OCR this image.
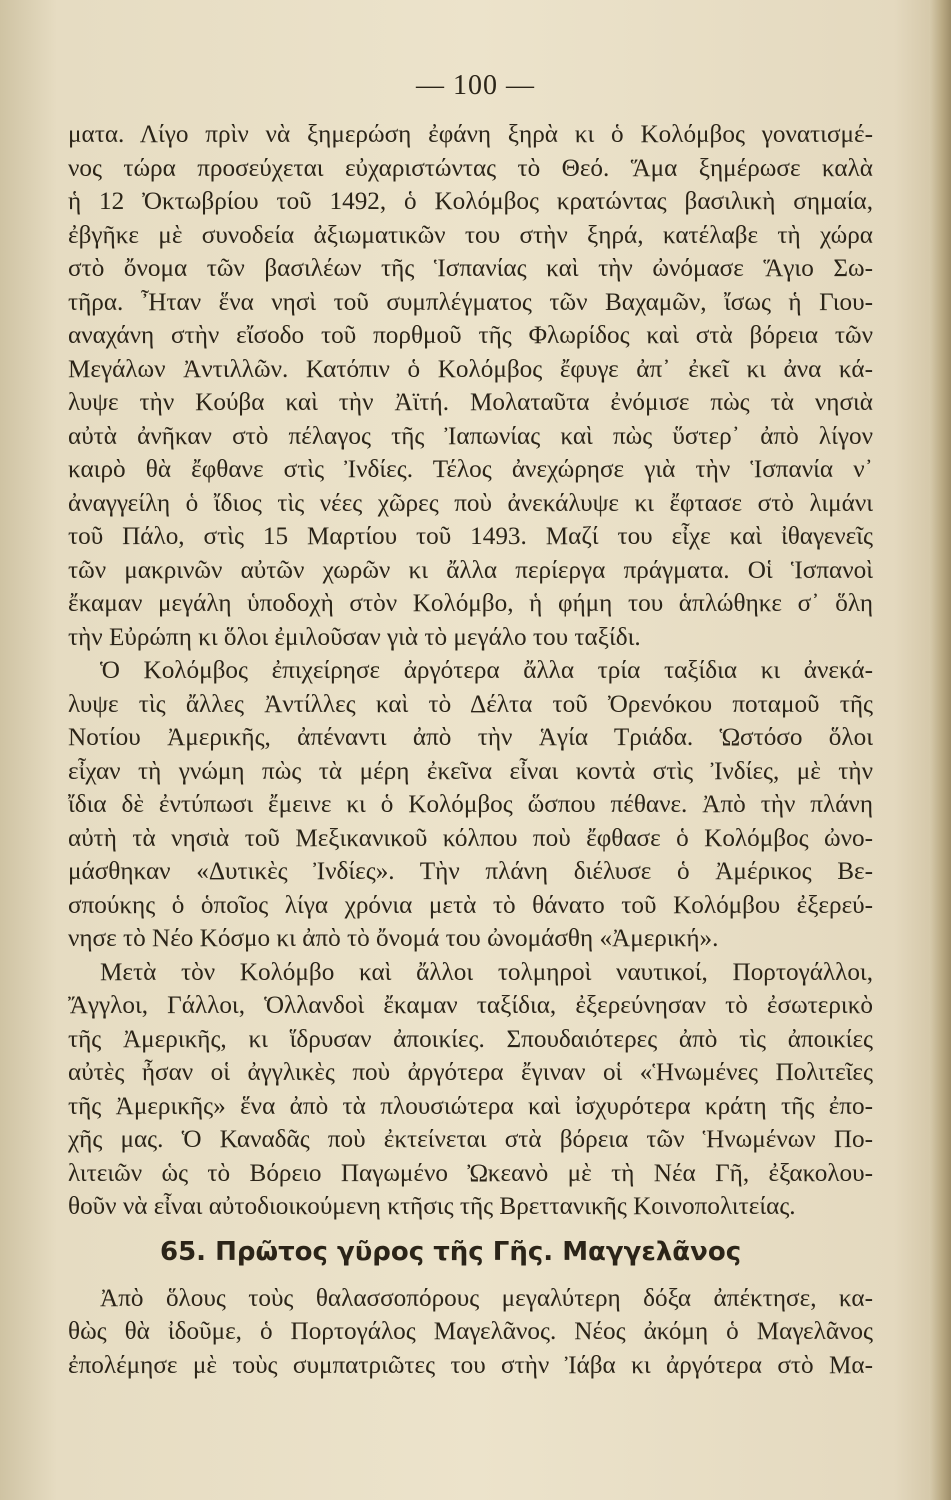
— 100 —
ματα. Λίγο πρὶν νὰ ξημερώση ἐφάνη ξηρὰ κι ὁ Κολόμβος γονατισμέ-
νος τώρα προσεύχεται εὐχαριστώντας τὸ Θεό. Ἅμα ξημέρωσε καλὰ
ἡ 12 Ὀκτωβρίου τοῦ 1492, ὁ Κολόμβος κρατώντας βασιλικὴ σημαία,
ἐβγῆκε μὲ συνοδεία ἀξιωματικῶν του στὴν ξηρά, κατέλαβε τὴ χώρα
στὸ ὄνομα τῶν βασιλέων τῆς Ἱσπανίας καὶ τὴν ὠνόμασε Ἅγιο Σω-
τῆρα. Ἦταν ἕνα νησὶ τοῦ συμπλέγματος τῶν Βαχαμῶν, ἴσως ἡ Γιου-
αναχάνη στὴν εἴσοδο τοῦ πορθμοῦ τῆς Φλωρίδος καὶ στὰ βόρεια τῶν
Μεγάλων Ἀντιλλῶν. Κατόπιν ὁ Κολόμβος ἔφυγε ἀπ᾽ ἐκεῖ κι ἀνα κά-
λυψε τὴν Κούβα καὶ τὴν Ἀϊτή. Μολαταῦτα ἐνόμισε πὼς τὰ νησιὰ
αὐτὰ ἀνῆκαν στὸ πέλαγος τῆς Ἰαπωνίας καὶ πὼς ὕστερ᾽ ἀπὸ λίγον
καιρὸ θὰ ἔφθανε στὶς Ἰνδίες. Τέλος ἀνεχώρησε γιὰ τὴν Ἱσπανία ν᾽
ἀναγγείλη ὁ ἴδιος τὶς νέες χῶρες ποὺ ἀνεκάλυψε κι ἔφτασε στὸ λιμάνι
τοῦ Πάλο, στὶς 15 Μαρτίου τοῦ 1493. Μαζί του εἶχε καὶ ἰθαγενεῖς
τῶν μακρινῶν αὐτῶν χωρῶν κι ἄλλα περίεργα πράγματα. Οἱ Ἱσπανοὶ
ἔκαμαν μεγάλη ὑποδοχὴ στὸν Κολόμβο, ἡ φήμη του ἁπλώθηκε σ᾽ ὅλη
τὴν Εὐρώπη κι ὅλοι ἐμιλοῦσαν γιὰ τὸ μεγάλο του ταξίδι.
Ὁ Κολόμβος ἐπιχείρησε ἀργότερα ἄλλα τρία ταξίδια κι ἀνεκά-
λυψε τὶς ἄλλες Ἀντίλλες καὶ τὸ Δέλτα τοῦ Ὀρενόκου ποταμοῦ τῆς
Νοτίου Ἀμερικῆς, ἀπέναντι ἀπὸ τὴν Ἁγία Τριάδα. Ὡστόσο ὅλοι
εἶχαν τὴ γνώμη πὼς τὰ μέρη ἐκεῖνα εἶναι κοντὰ στὶς Ἰνδίες, μὲ τὴν
ἴδια δὲ ἐντύπωσι ἔμεινε κι ὁ Κολόμβος ὥσπου πέθανε. Ἀπὸ τὴν πλάνη
αὐτὴ τὰ νησιὰ τοῦ Μεξικανικοῦ κόλπου ποὺ ἔφθασε ὁ Κολόμβος ὠνο-
μάσθηκαν «Δυτικὲς Ἰνδίες». Τὴν πλάνη διέλυσε ὁ Ἀμέρικος Βε-
σπούκης ὁ ὁποῖος λίγα χρόνια μετὰ τὸ θάνατο τοῦ Κολόμβου ἐξερεύ-
νησε τὸ Νέο Κόσμο κι ἀπὸ τὸ ὄνομά του ὠνομάσθη «Ἀμερική».
Μετὰ τὸν Κολόμβο καὶ ἄλλοι τολμηροὶ ναυτικοί, Πορτογάλλοι,
Ἄγγλοι, Γάλλοι, Ὁλλανδοὶ ἔκαμαν ταξίδια, ἐξερεύνησαν τὸ ἐσωτερικὸ
τῆς Ἀμερικῆς, κι ἵδρυσαν ἀποικίες. Σπουδαιότερες ἀπὸ τὶς ἀποικίες
αὐτὲς ἦσαν οἱ ἀγγλικὲς ποὺ ἀργότερα ἔγιναν οἱ «Ἡνωμένες Πολιτεῖες
τῆς Ἀμερικῆς» ἕνα ἀπὸ τὰ πλουσιώτερα καὶ ἰσχυρότερα κράτη τῆς ἐπο-
χῆς μας. Ὁ Καναδᾶς ποὺ ἐκτείνεται στὰ βόρεια τῶν Ἡνωμένων Πο-
λιτειῶν ὡς τὸ Βόρειο Παγωμένο Ὠκεανὸ μὲ τὴ Νέα Γῆ, ἐξακολου-
θοῦν νὰ εἶναι αὐτοδιοικούμενη κτῆσις τῆς Βρεττανικῆς Κοινοπολιτείας.
65. Πρῶτος γῦρος τῆς Γῆς. Μαγγελᾶνος
Ἀπὸ ὅλους τοὺς θαλασσοπόρους μεγαλύτερη δόξα ἀπέκτησε, κα-
θὼς θὰ ἰδοῦμε, ὁ Πορτογάλος Μαγελᾶνος. Νέος ἀκόμη ὁ Μαγελᾶνος
ἐπολέμησε μὲ τοὺς συμπατριῶτες του στὴν Ἰάβα κι ἀργότερα στὸ Μα-
